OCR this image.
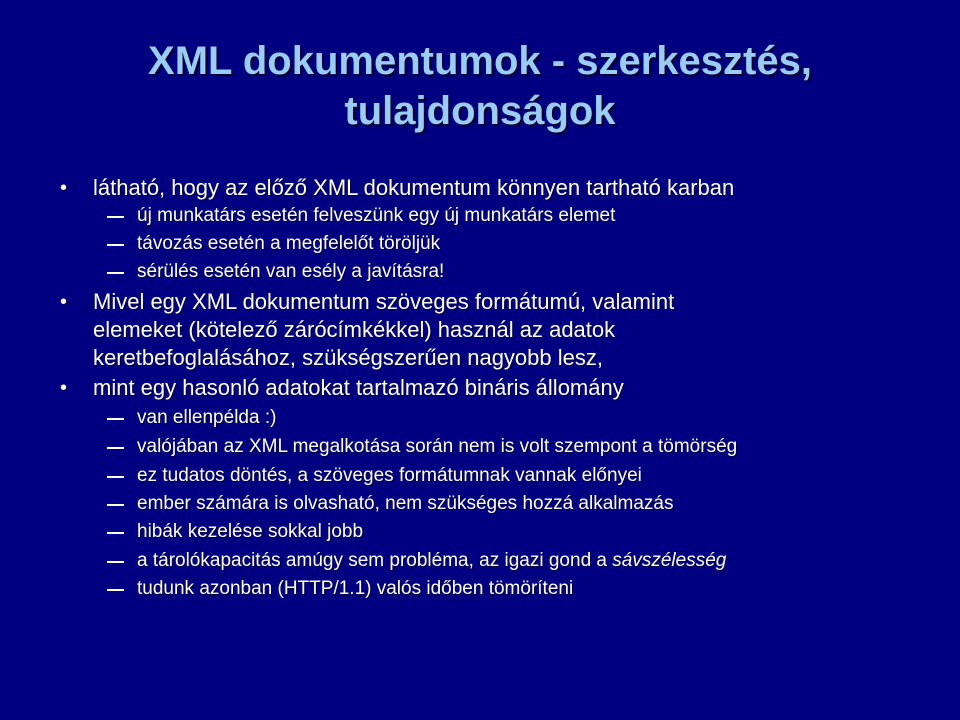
XML dokumentumok - szerkesztés,
tulajdonságok
• látható, hogy az előző XML dokumentum könnyen tartható karban
új munkatárs esetén felveszünk egy új munkatárs elemet
távozás esetén a megfelelőt töröljük
sérülés esetén van esély a javításra!
• Mivel egy XML dokumentum szöveges formátumú, valamint
elemeket (kötelező zárócímkékkel) használ az adatok
keretbefoglalásához, szükségszerűen nagyobb lesz,
• mint egy hasonló adatokat tartalmazó bináris állomány
van ellenpélda :)
valójában az XML megalkotása során nem is volt szempont a tömörség
ez tudatos döntés, a szöveges formátumnak vannak előnyei
ember számára is olvasható, nem szükséges hozzá alkalmazás
hibák kezelése sokkal jobb
a tárolókapacitás amúgy sem probléma, az igazi gond a sávszélesség
tudunk azonban (HTTP/1.1) valós időben tömöríteni
